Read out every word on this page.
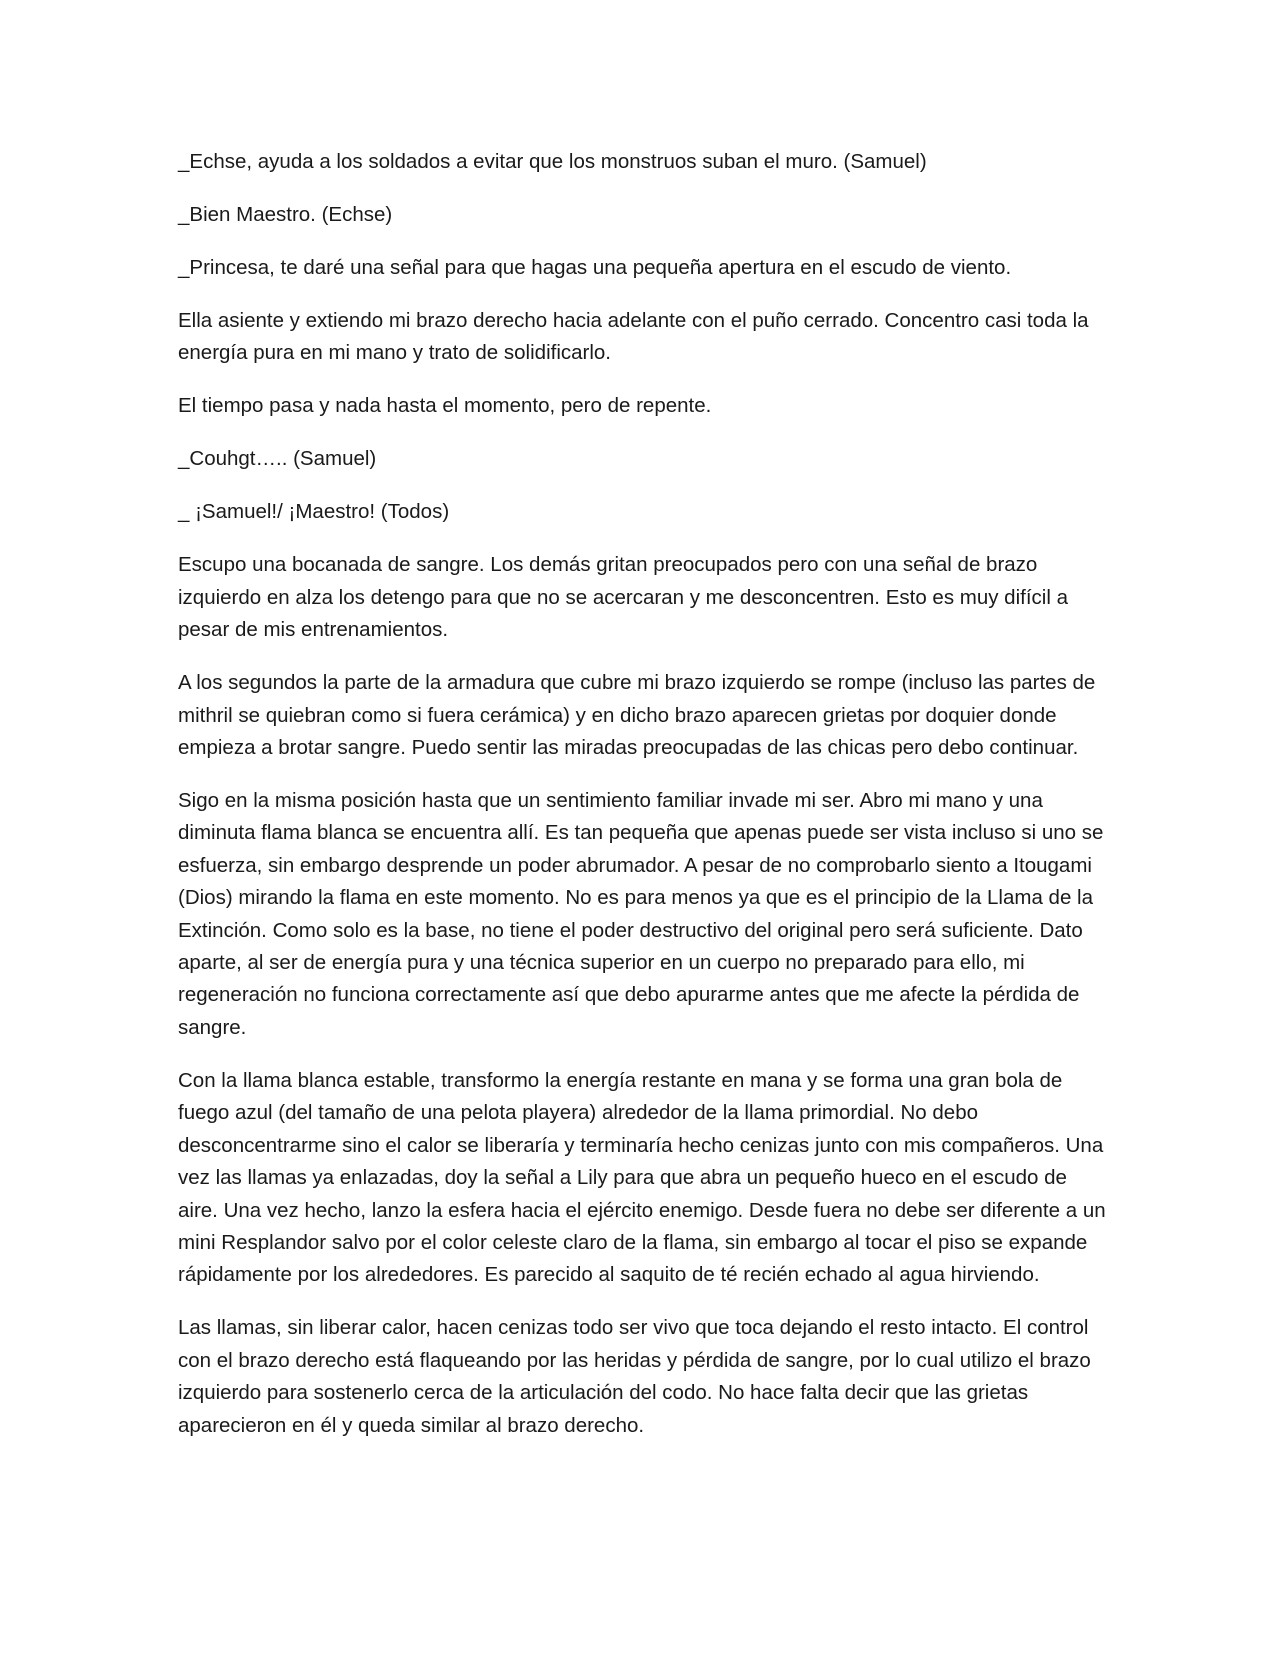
_Echse, ayuda a los soldados a evitar que los monstruos suban el muro. (Samuel)

_Bien Maestro. (Echse)

_Princesa, te daré una señal para que hagas una pequeña apertura en el escudo de viento.

Ella asiente y extiendo mi brazo derecho hacia adelante con el puño cerrado. Concentro casi toda la energía pura en mi mano y trato de solidificarlo.

El tiempo pasa y nada hasta el momento, pero de repente.

_Couhgt….. (Samuel)

_ ¡Samuel!/ ¡Maestro! (Todos)

Escupo una bocanada de sangre. Los demás gritan preocupados pero con una señal de brazo izquierdo en alza los detengo para que no se acercaran y me desconcentren. Esto es muy difícil a pesar de mis entrenamientos.

A los segundos la parte de la armadura que cubre mi brazo izquierdo se rompe (incluso las partes de mithril se quiebran como si fuera cerámica) y en dicho brazo aparecen grietas por doquier donde empieza a brotar sangre. Puedo sentir las miradas preocupadas de las chicas pero debo continuar.

Sigo en la misma posición hasta que un sentimiento familiar invade mi ser. Abro mi mano y una diminuta flama blanca se encuentra allí. Es tan pequeña que apenas puede ser vista incluso si uno se esfuerza, sin embargo desprende un poder abrumador. A pesar de no comprobarlo siento a Itougami (Dios) mirando la flama en este momento. No es para menos ya que es el principio de la Llama de la Extinción. Como solo es la base, no tiene el poder destructivo del original pero será suficiente. Dato aparte, al ser de energía pura y una técnica superior en un cuerpo no preparado para ello, mi regeneración no funciona correctamente así que debo apurarme antes que me afecte la pérdida de sangre.

Con la llama blanca estable, transformo la energía restante en mana y se forma una gran bola de fuego azul (del tamaño de una pelota playera) alrededor de la llama primordial. No debo desconcentrarme sino el calor se liberaría y terminaría hecho cenizas junto con mis compañeros. Una vez las llamas ya enlazadas, doy la señal a Lily para que abra un pequeño hueco en el escudo de aire. Una vez hecho, lanzo la esfera hacia el ejército enemigo. Desde fuera no debe ser diferente a un mini Resplandor salvo por el color celeste claro de la flama, sin embargo al tocar el piso se expande rápidamente por los alrededores. Es parecido al saquito de té recién echado al agua hirviendo.

Las llamas, sin liberar calor, hacen cenizas todo ser vivo que toca dejando el resto intacto. El control con el brazo derecho está flaqueando por las heridas y pérdida de sangre, por lo cual utilizo el brazo izquierdo para sostenerlo cerca de la articulación del codo. No hace falta decir que las grietas aparecieron en él y queda similar al brazo derecho.
